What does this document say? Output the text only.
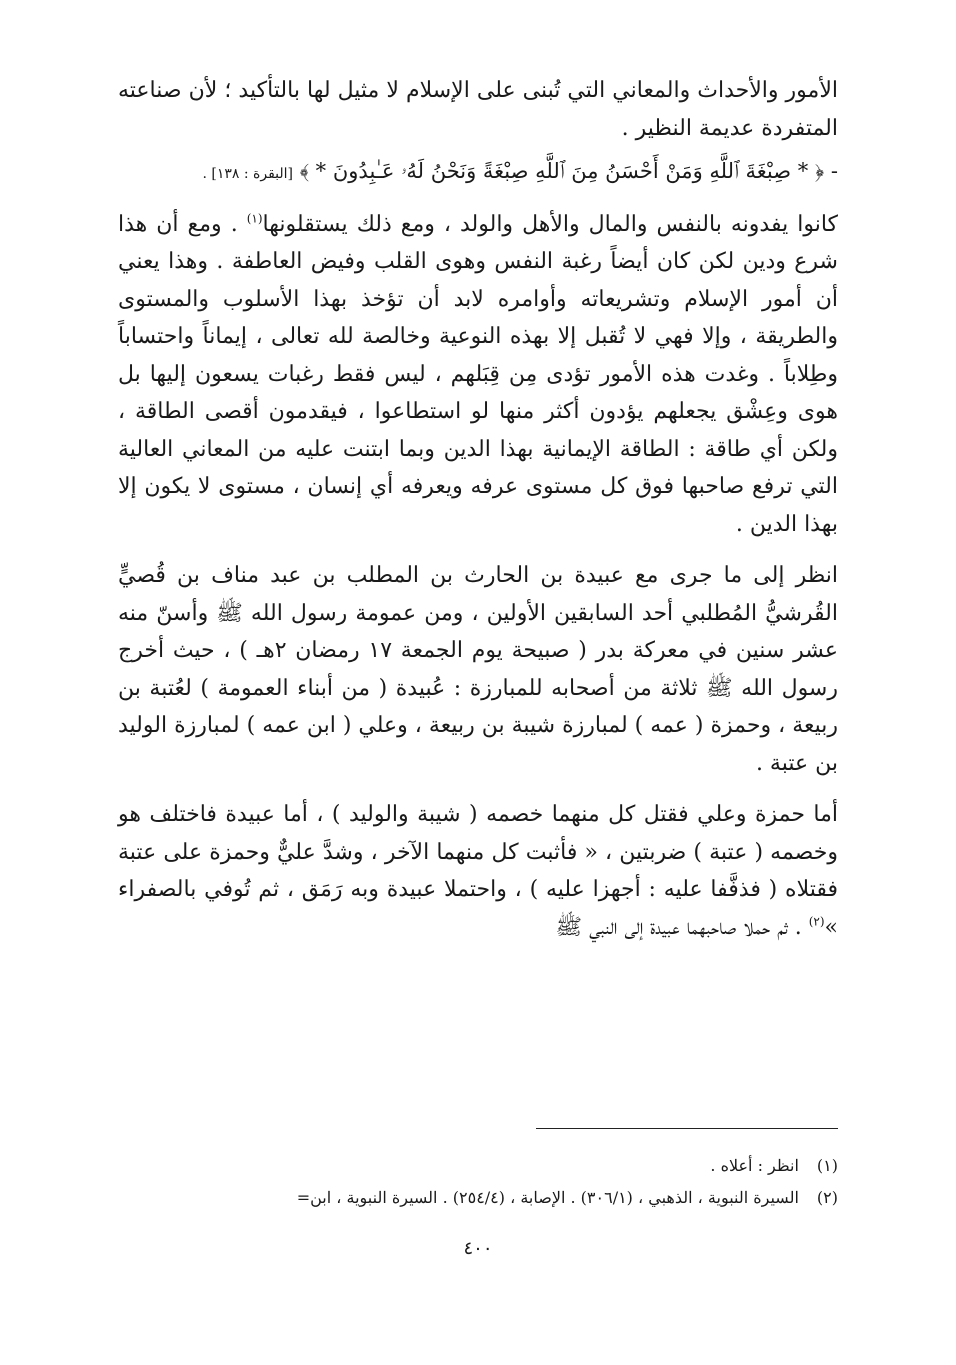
الأمور والأحداث والمعاني التي تُبنى على الإسلام لا مثيل لها بالتأكيد ؛ لأن صناعته المتفردة عديمة النظير .

- ﴿ * صِبْغَةَ ٱللَّهِ وَمَنْ أَحْسَنُ مِنَ ٱللَّهِ صِبْغَةً وَنَحْنُ لَهُۥ عَـٰبِدُونَ * ﴾ [البقرة : ١٣٨] .

كانوا يفدونه بالنفس والمال والأهل والولد ، ومع ذلك يستقلونها$^{(١)}$ . ومع أن هذا شرع ودين لكن كان أيضاً رغبة النفس وهوى القلب وفيض العاطفة . وهذا يعني أن أمور الإسلام وتشريعاته وأوامره لابد أن تؤخذ بهذا الأسلوب والمستوى والطريقة ، وإلا فهي لا تُقبل إلا بهذه النوعية وخالصة لله تعالى ، إيماناً واحتساباً وطِلاباً . وغدت هذه الأمور تؤدى مِن قِبَلهم ، ليس فقط رغبات يسعون إليها بل هوى وعِشْق يجعلهم يؤدون أكثر منها لو استطاعوا ، فيقدمون أقصى الطاقة ، ولكن أي طاقة : الطاقة الإيمانية بهذا الدين وبما ابتنت عليه من المعاني العالية التي ترفع صاحبها فوق كل مستوى عرفه ويعرفه أي إنسان ، مستوى لا يكون إلا بهذا الدين .

انظر إلى ما جرى مع عبيدة بن الحارث بن المطلب بن عبد مناف بن قُصيٍّ القُرشيُّ المُطلبي أحد السابقين الأولين ، ومن عمومة رسول الله ﷺ وأسنّ منه عشر سنين في معركة بدر ( صبيحة يوم الجمعة ١٧ رمضان ٢هـ ) ، حيث أخرج رسول الله ﷺ ثلاثة من أصحابه للمبارزة : عُبيدة ( من أبناء العمومة ) لعُتبة بن ربيعة ، وحمزة ( عمه ) لمبارزة شيبة بن ربيعة ، وعلي ( ابن عمه ) لمبارزة الوليد بن عتبة .

أما حمزة وعلي فقتل كل منهما خصمه ( شيبة والوليد ) ، أما عبيدة فاختلف هو وخصمه ( عتبة ) ضربتين ، « فأثبت كل منهما الآخر ، وشدَّ عليٌّ وحمزة على عتبة فقتلاه ( فذفَّفا عليه : أجهزا عليه ) ، واحتملا عبيدة وبه رَمَق ، ثم تُوفي بالصفراء »$^{(٢)}$ . ثم حملا صاحبهما عبيدة إلى النبي ﷺ

(١)انظر : أعلاه .

(٢)السيرة النبوية ، الذهبي ، (٣٠٦/١) . الإصابة ، (٢٥٤/٤) . السيرة النبوية ، ابن=

٤٠٠
